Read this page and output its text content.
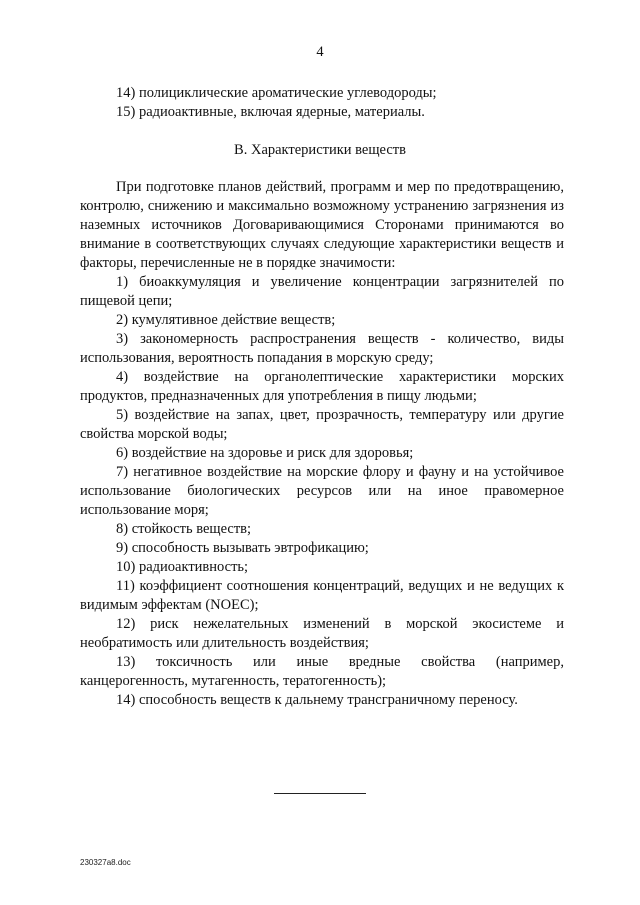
4

14) полициклические ароматические углеводороды;

15) радиоактивные, включая ядерные, материалы.

В. Характеристики веществ

При подготовке планов действий, программ и мер по предотвращению, контролю, снижению и максимально возможному устранению загрязнения из наземных источников Договаривающимися Сторонами принимаются во внимание в соответствующих случаях следующие характеристики веществ и факторы, перечисленные не в порядке значимости:

1) биоаккумуляция и увеличение концентрации загрязнителей по пищевой цепи;

2) кумулятивное действие веществ;

3) закономерность распространения веществ - количество, виды использования, вероятность попадания в морскую среду;

4) воздействие на органолептические характеристики морских продуктов, предназначенных для употребления в пищу людьми;

5) воздействие на запах, цвет, прозрачность, температуру или другие свойства морской воды;

6) воздействие на здоровье и риск для здоровья;

7) негативное воздействие на морские флору и фауну и на устойчивое использование биологических ресурсов или на иное правомерное использование моря;

8) стойкость веществ;

9) способность вызывать эвтрофикацию;

10) радиоактивность;

11) коэффициент соотношения концентраций, ведущих и не ведущих к видимым эффектам (NOEC);

12) риск нежелательных изменений в морской экосистеме и необратимость или длительность воздействия;

13) токсичность или иные вредные свойства (например, канцерогенность, мутагенность, тератогенность);

14) способность веществ к дальнему трансграничному переносу.

230327a8.doc
